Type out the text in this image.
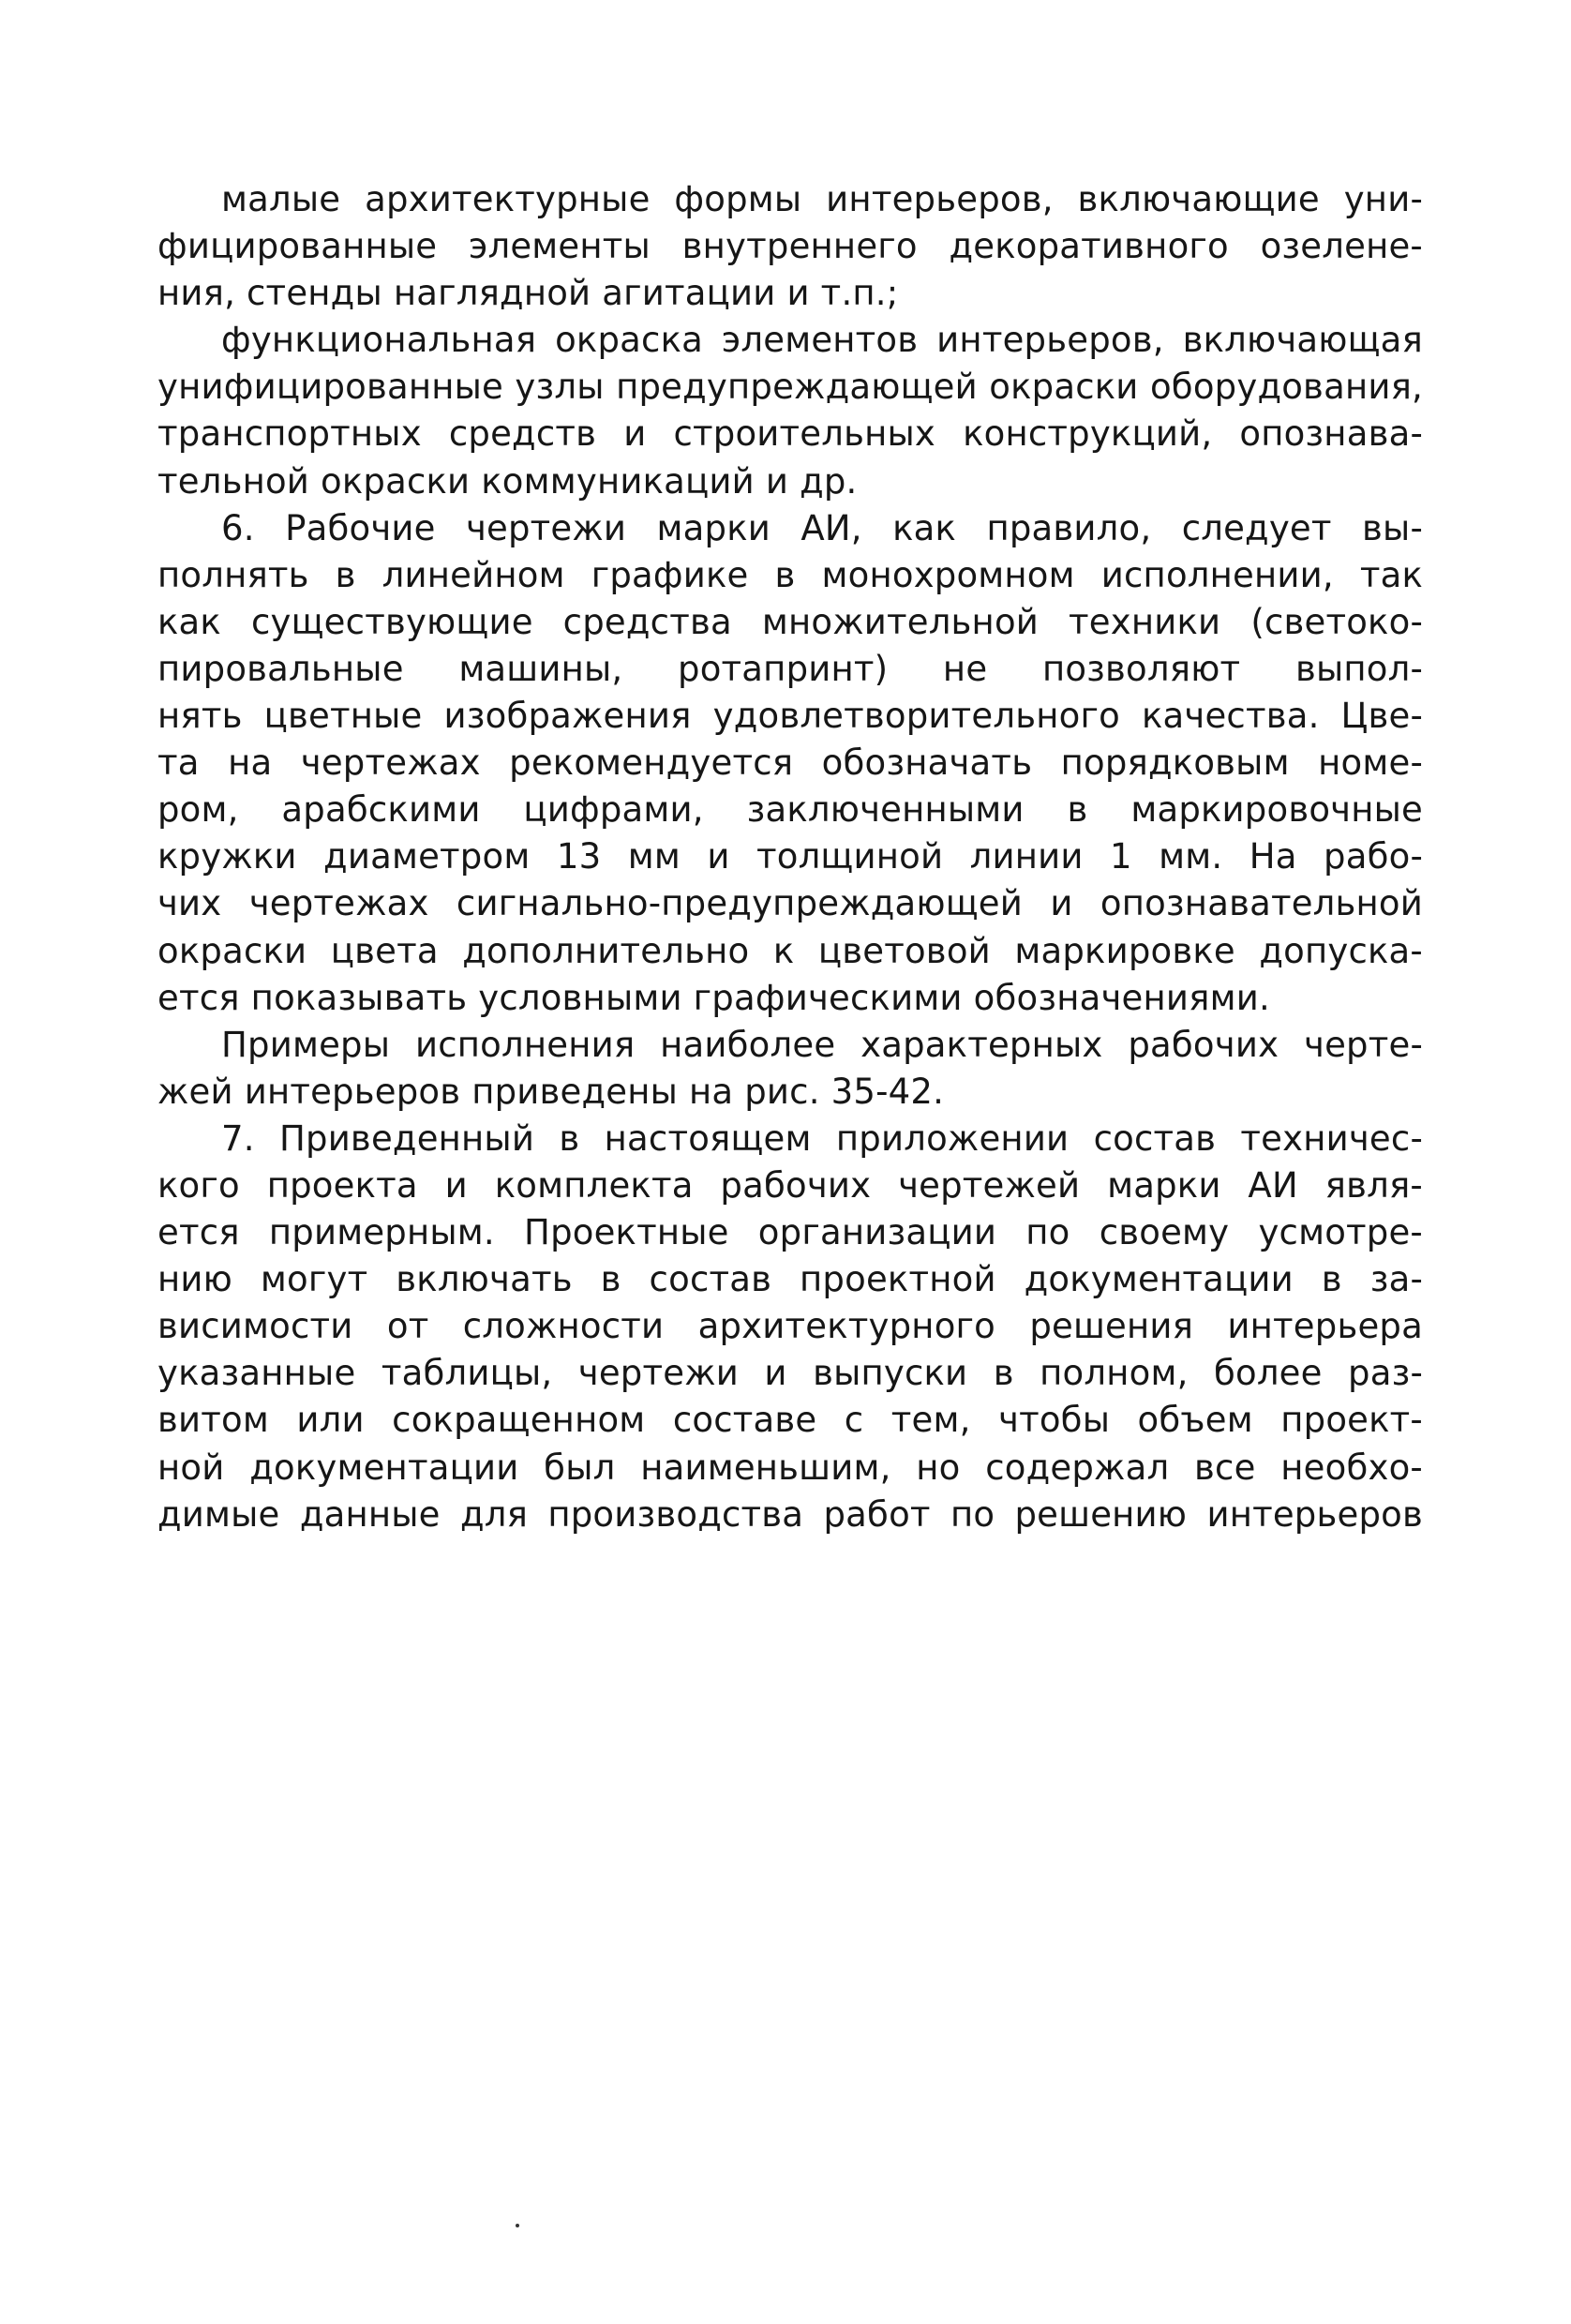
малые архитектурные формы интерьеров, включающие уни-
фицированные элементы внутреннего декоративного озелене-
ния, стенды наглядной агитации и т.п.;
функциональная окраска элементов интерьеров, включающая
унифицированные узлы предупреждающей окраски оборудования,
транспортных средств и строительных конструкций, опознава-
тельной окраски коммуникаций и др.
6. Рабочие чертежи марки АИ, как правило, следует вы-
полнять в линейном графике в монохромном исполнении, так
как существующие средства множительной техники (светоко-
пировальные машины, ротапринт) не позволяют выпол-
нять цветные изображения удовлетворительного качества. Цве-
та на чертежах рекомендуется обозначать порядковым номе-
ром, арабскими цифрами, заключенными в маркировочные
кружки диаметром 13 мм и толщиной линии 1 мм. На рабо-
чих чертежах сигнально-предупреждающей и опознавательной
окраски цвета дополнительно к цветовой маркировке допуска-
ется показывать условными графическими обозначениями.
Примеры исполнения наиболее характерных рабочих черте-
жей интерьеров приведены на рис. 35-42.
7. Приведенный в настоящем приложении состав техничес-
кого проекта и комплекта рабочих чертежей марки АИ явля-
ется примерным. Проектные организации по своему усмотре-
нию могут включать в состав проектной документации в за-
висимости от сложности архитектурного решения интерьера
указанные таблицы, чертежи и выпуски в полном, более раз-
витом или сокращенном составе с тем, чтобы объем проект-
ной документации был наименьшим, но содержал все необхо-
димые данные для производства работ по решению интерьеров
